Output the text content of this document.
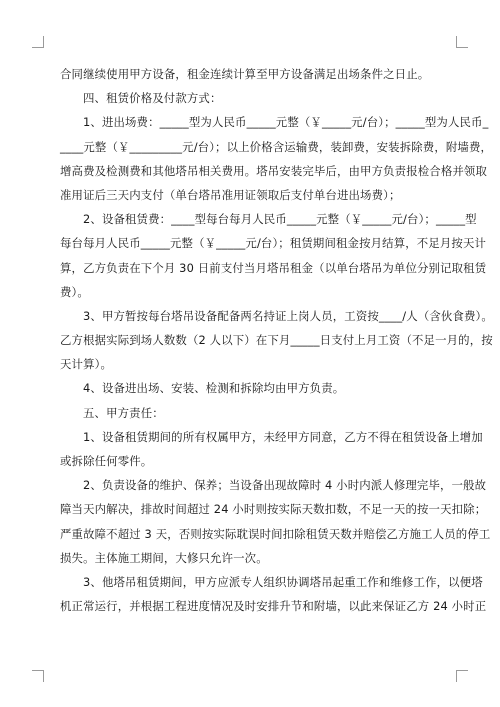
合同继续使用甲方设备，租金连续计算至甲方设备满足出场条件之日止。
四、租赁价格及付款方式：
1、进出场费：_____型为人民币_____元整（￥_____元/台）；_____型为人民币_
____元整（￥_________元/台）；以上价格含运输费，装卸费，安装拆除费，附墙费，
增高费及检测费和其他塔吊相关费用。塔吊安装完毕后，由甲方负责报检合格并领取
准用证后三天内支付（单台塔吊准用证领取后支付单台进出场费）；
2、设备租赁费：____型每台每月人民币_____元整（￥_____元/台）；_____型
每台每月人民币_____元整（￥_____元/台）；租赁期间租金按月结算，不足月按天计
算，乙方负责在下个月 30 日前支付当月塔吊租金（以单台塔吊为单位分别记取租赁
费）。
3、甲方暂按每台塔吊设备配备两名持证上岗人员，工资按____/人（含伙食费）。
乙方根据实际到场人数数（2 人以下）在下月_____日支付上月工资（不足一月的，按
天计算）。
4、设备进出场、安装、检测和拆除均由甲方负责。
五、甲方责任：
1、设备租赁期间的所有权属甲方，未经甲方同意，乙方不得在租赁设备上增加
或拆除任何零件。
2、负责设备的维护、保养；当设备出现故障时 4 小时内派人修理完毕，一般故
障当天内解决，排故时间超过 24 小时则按实际天数扣数，不足一天的按一天扣除；
严重故障不超过 3 天，否则按实际耽误时间扣除租赁天数并赔偿乙方施工人员的停工
损失。主体施工期间，大修只允许一次。
3、他塔吊租赁期间，甲方应派专人组织协调塔吊起重工作和维修工作，以便塔
机正常运行，并根据工程进度情况及时安排升节和附墙，以此来保证乙方 24 小时正
